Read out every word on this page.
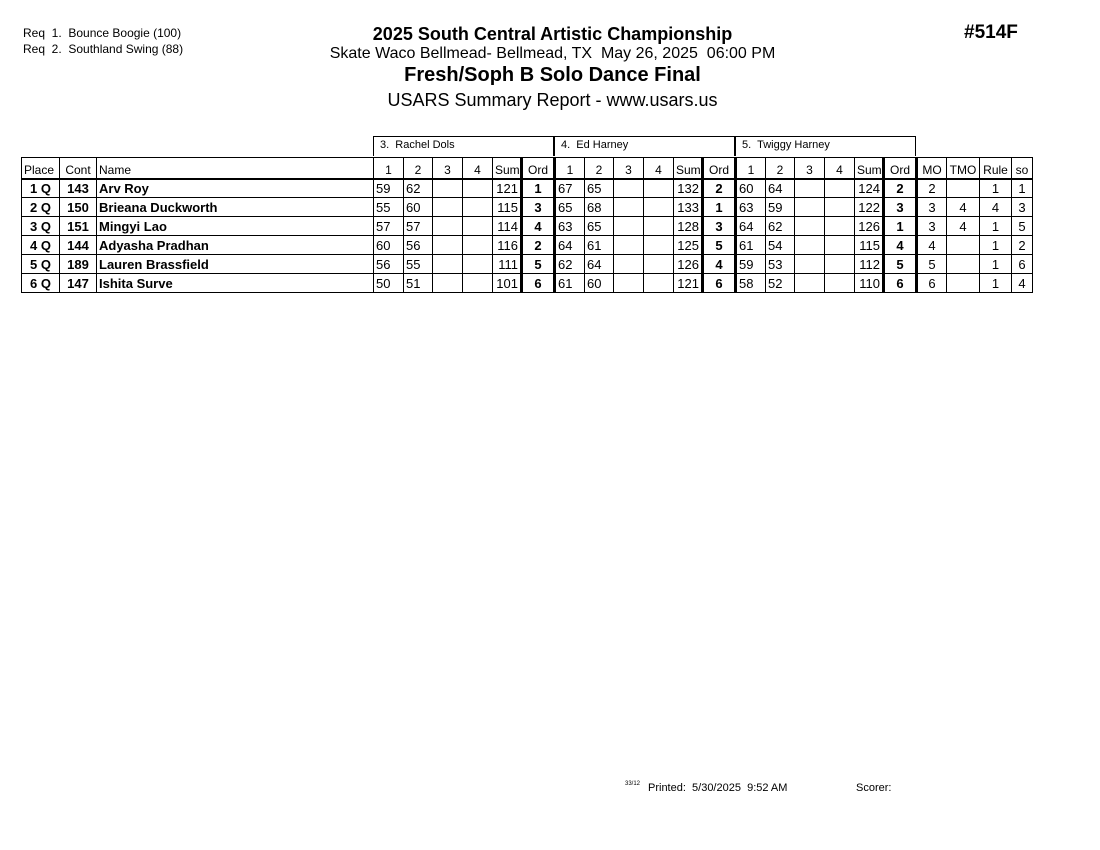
Req  1.  Bounce Boogie (100)
Req  2.  Southland Swing (88)
#514F
2025 South Central Artistic Championship
Skate Waco Bellmead- Bellmead, TX  May 26, 2025  06:00 PM
Fresh/Soph B Solo Dance Final
USARS Summary Report - www.usars.us
3.  Rachel Dols	4.  Ed Harney	5.  Twiggy Harney
Place	Cont	Name	1	2	3	4	Sum	Ord	1	2	3	4	Sum	Ord	1	2	3	4	Sum	Ord	MO	TMO	Rule	so
1 Q	143	Arv Roy	59	62			121	1	67	65			132	2	60	64			124	2	2		1	1
2 Q	150	Brieana Duckworth	55	60			115	3	65	68			133	1	63	59			122	3	3	4	4	3
3 Q	151	Mingyi Lao	57	57			114	4	63	65			128	3	64	62			126	1	3	4	1	5
4 Q	144	Adyasha Pradhan	60	56			116	2	64	61			125	5	61	54			115	4	4		1	2
5 Q	189	Lauren Brassfield	56	55			111	5	62	64			126	4	59	53			112	5	5		1	6
6 Q	147	Ishita Surve	50	51			101	6	61	60			121	6	58	52			110	6	6		1	4
33/12 Printed:  5/30/2025  9:52 AM	Scorer:
